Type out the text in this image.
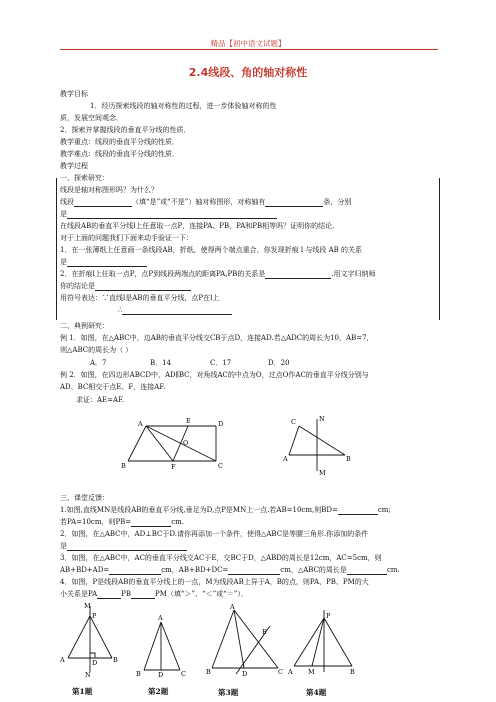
精品【初中语文试题】
2.4线段、角的轴对称性
教学目标
1．经历探索线段的轴对称性的过程，进一步体验轴对称的性
质，发展空间观念．
2．探索并掌握线段的垂直平分线的性质．
教学重点：线段的垂直平分线的性质．
教学难点：线段的垂直平分线的性质．
教学过程
一、探索研究：
线段是轴对称图形吗？为什么？
线段	（填“是”或“不是”）轴对称图形，对称轴有	条，分别
是
在线段AB的垂直平分线l上任意取一点P，连接PA、PB，PA和PB相等吗？证明你的结论．
对于上面的问题我们下面来动手验证一下：
1．在一张薄纸上任意画一条线段AB，折纸，使得两个端点重合，你发现折痕 l 与线段 AB 的关系
是
2．在折痕l上任取一点P，点P到线段两端点的距离PA,PB的关系是	.用文字归纳师
你的结论是
用符号表达：∵直线l是AB的垂直平分线，点P在l上
∴
二、典例研究：
例 1．如图，在△ABC中，边AB的垂直平分线交CB于点D，连接AD.若△ADC的周长为10，AB=7，
则△ABC的周长为（ ）
A．7	B．14	C．17	D．20
例 2．如图，在四边形ABCD中，AD∥BC，对角线AC的中点为O，过点O作AC的垂直平分线分别与
AD、BC相交于点E、F，连接AF.
求证：AE=AF.
A	E	D
O
B	F	C
C	N
A	B
M
三、课堂反馈：
1.如图,直线MN是线段AB的垂直平分线,垂足为D,点P是MN上一点.若AB=10cm,则BD=	cm;
若PA=10cm，则PB=	cm.
2．如图，在△ABC中，AD⊥BC于D.请你再添加一个条件，使得△ABC是等腰三角形.你添加的条件
是
3．如图，在△ABC中，AC的垂直平分线交AC于E，交BC于D，△ABD的周长是12cm，AC=5cm，则
AB+BD+AD=	cm，AB+BD+DC=	cm，△ABC的周长是	cm.
4．如图，P是线段AB的垂直平分线上的一点，M为线段AB上异于A，B的点，则PA、PB、PM的大
小关系是PA	PB	PM（填“＞”、“＜”或“＝”）．
M
P
A	D B
N
第1题
A
B	D	C
第2题
A
E
B	D	C
第3题
P
A M	B
第4题
